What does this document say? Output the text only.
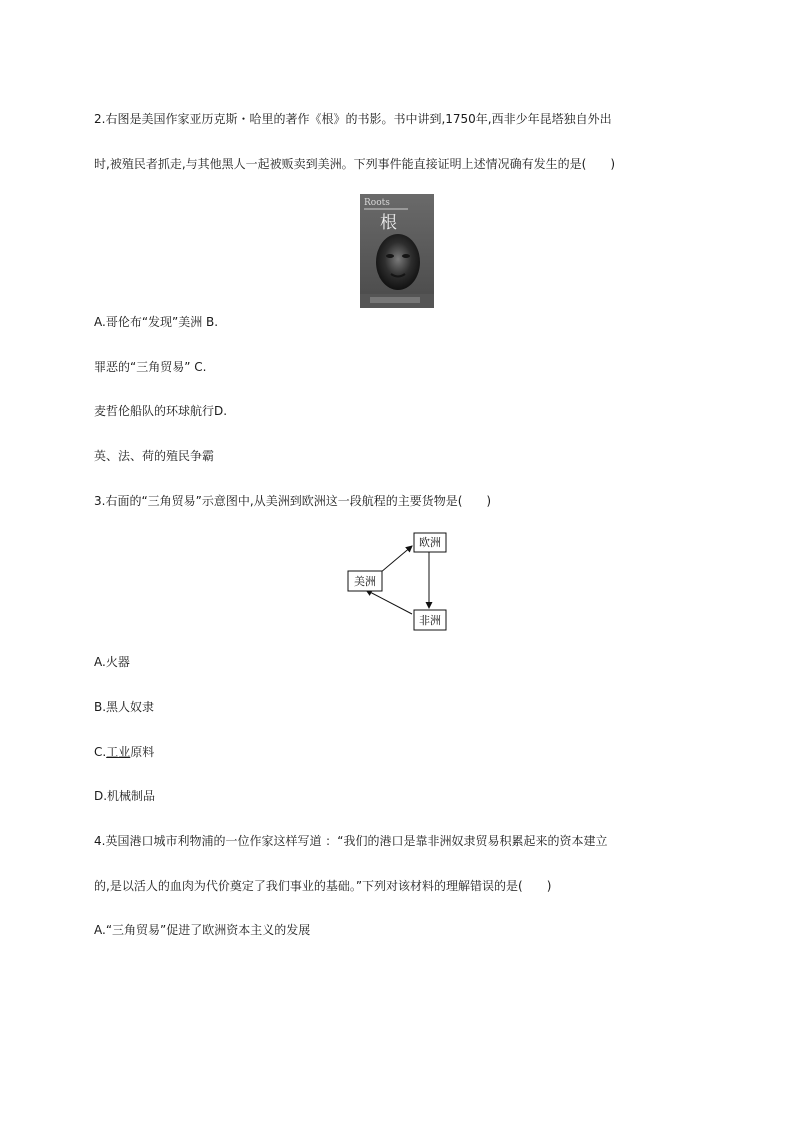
2.右图是美国作家亚历克斯・哈里的著作《根》的书影。书中讲到,1750年,西非少年昆塔独自外出
时,被殖民者抓走,与其他黑人一起被贩卖到美洲。下列事件能直接证明上述情况确有发生的是(　　)
Roots
根
A.哥伦布“发现”美洲 B.
罪恶的“三角贸易” C.
麦哲伦船队的环球航行D.
英、法、荷的殖民争霸
3.右面的“三角贸易”示意图中,从美洲到欧洲这一段航程的主要货物是(　　)
欧洲
美洲
非洲
A.火器
B.黑人奴隶
C.工业原料
D.机械制品
4.英国港口城市利物浦的一位作家这样写道 ：“我们的港口是靠非洲奴隶贸易积累起来的资本建立
的,是以活人的血肉为代价奠定了我们事业的基础。”下列对该材料的理解错误的是(　　)
A.“三角贸易”促进了欧洲资本主义的发展
